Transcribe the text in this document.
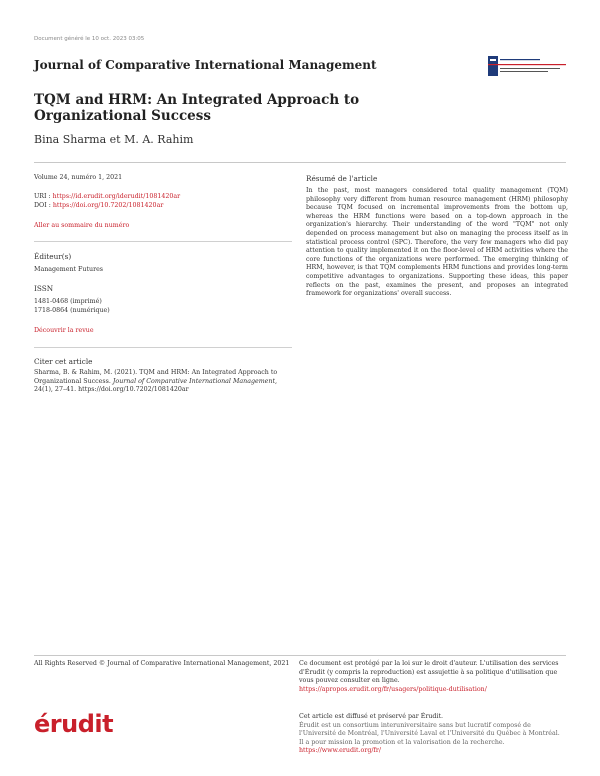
Document généré le 10 oct. 2023 03:05
Journal of Comparative International Management
TQM and HRM: An Integrated Approach to Organizational Success
Bina Sharma et M. A. Rahim
Volume 24, numéro 1, 2021
URI : https://id.erudit.org/iderudit/1081420ar
DOI : https://doi.org/10.7202/1081420ar
Aller au sommaire du numéro
Éditeur(s)
Management Futures
ISSN
1481-0468 (imprimé)
1718-0864 (numérique)
Découvrir la revue
Citer cet article
Sharma, B. & Rahim, M. (2021). TQM and HRM: An Integrated Approach to Organizational Success. Journal of Comparative International Management, 24(1), 27–41. https://doi.org/10.7202/1081420ar
Résumé de l'article
In the past, most managers considered total quality management (TQM) philosophy very different from human resource management (HRM) philosophy because TQM focused on incremental improvements from the bottom up, whereas the HRM functions were based on a top-down approach in the organization's hierarchy. Their understanding of the word "TQM" not only depended on process management but also on managing the process itself as in statistical process control (SPC). Therefore, the very few managers who did pay attention to quality implemented it on the floor-level of HRM activities where the core functions of the organizations were performed. The emerging thinking of HRM, however, is that TQM complements HRM functions and provides long-term competitive advantages to organizations. Supporting these ideas, this paper reflects on the past, examines the present, and proposes an integrated framework for organizations' overall success.
All Rights Reserved © Journal of Comparative International Management, 2021	Ce document est protégé par la loi sur le droit d'auteur. L'utilisation des services d'Érudit (y compris la reproduction) est assujettie à sa politique d'utilisation que vous pouvez consulter en ligne.
https://apropos.erudit.org/fr/usagers/politique-dutilisation/
érudit	Cet article est diffusé et préservé par Érudit.
Érudit est un consortium interuniversitaire sans but lucratif composé de l'Université de Montréal, l'Université Laval et l'Université du Québec à Montréal. Il a pour mission la promotion et la valorisation de la recherche.
https://www.erudit.org/fr/
